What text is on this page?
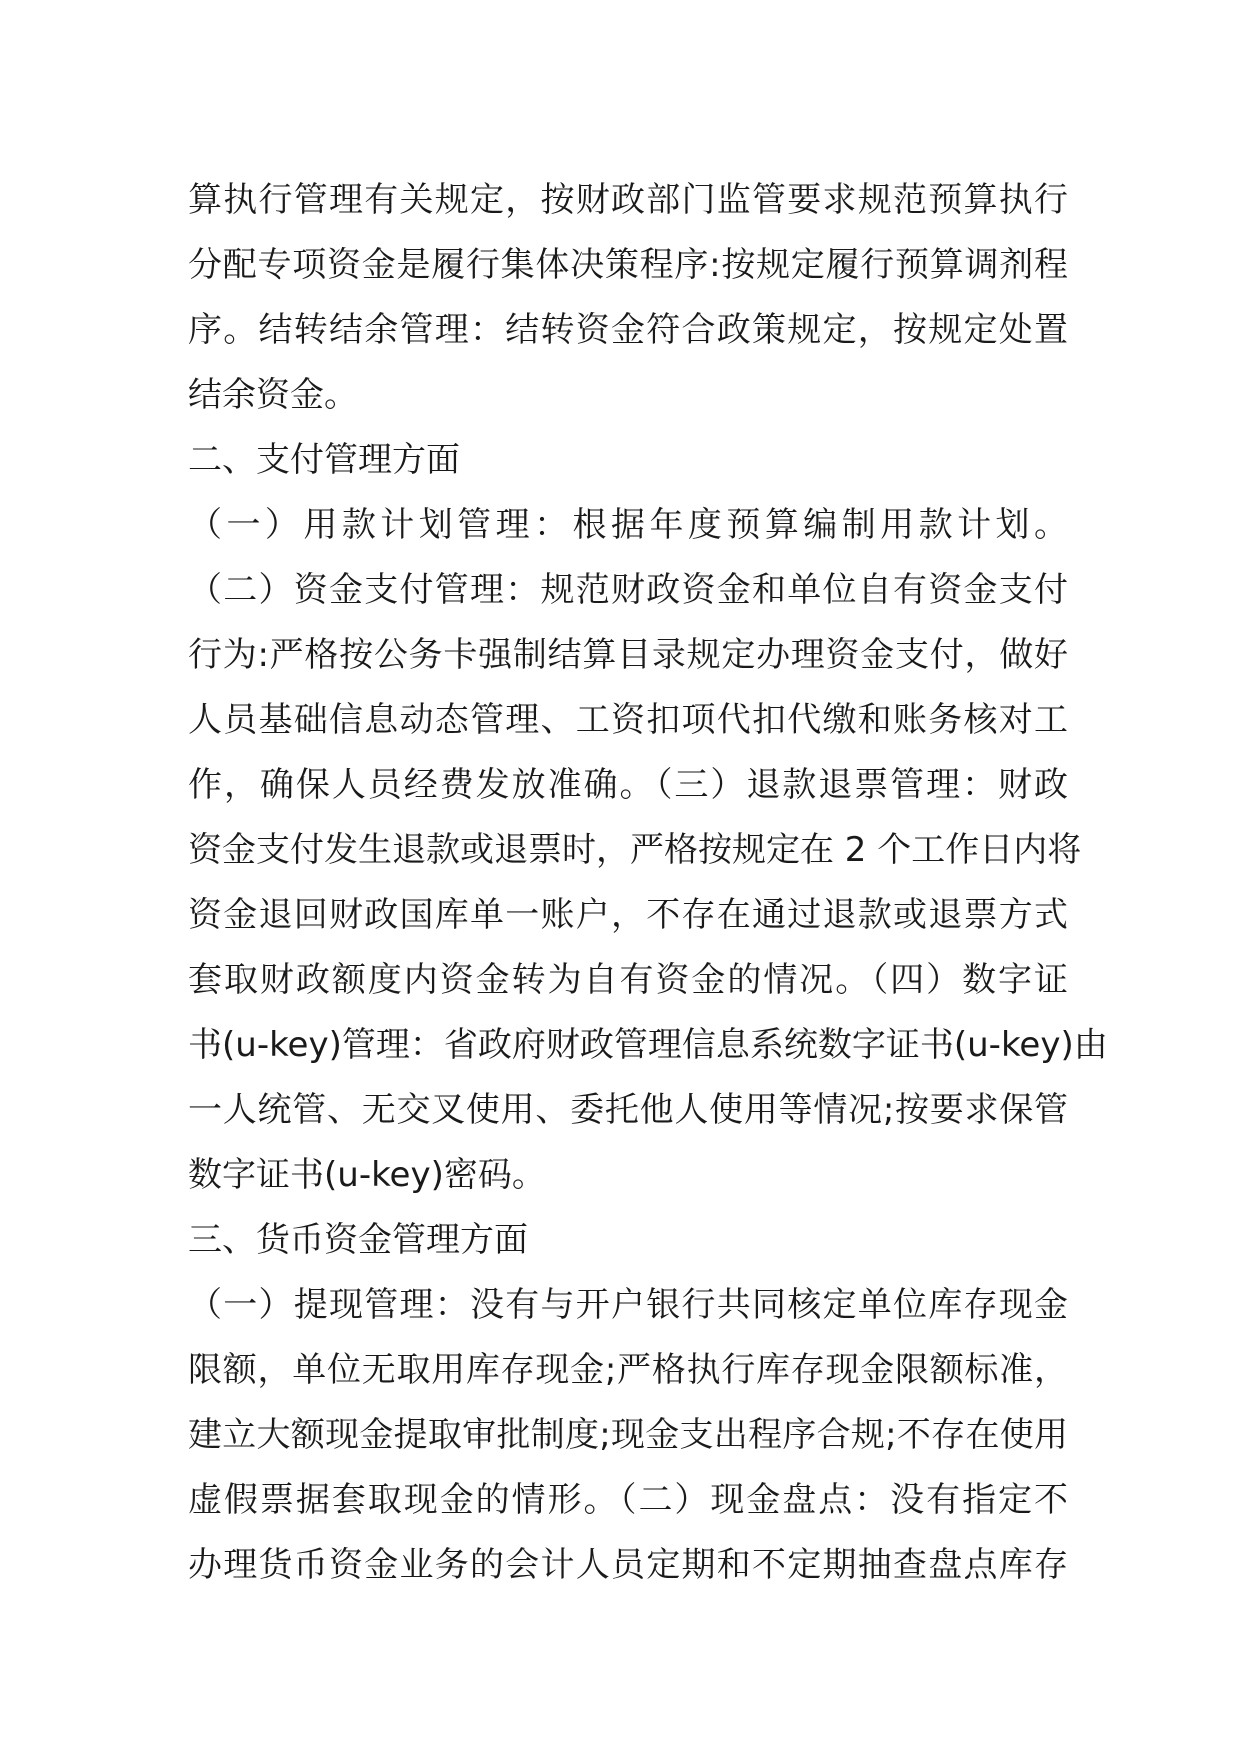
算执行管理有关规定，按财政部门监管要求规范预算执行
分配专项资金是履行集体决策程序:按规定履行预算调剂程
序。结转结余管理：结转资金符合政策规定，按规定处置
结余资金。
二、支付管理方面
（一）用款计划管理：根据年度预算编制用款计划。
（二）资金支付管理：规范财政资金和单位自有资金支付
行为:严格按公务卡强制结算目录规定办理资金支付，做好
人员基础信息动态管理、工资扣项代扣代缴和账务核对工
作，确保人员经费发放准确。（三）退款退票管理：财政
资金支付发生退款或退票时，严格按规定在 2 个工作日内将
资金退回财政国库单一账户，不存在通过退款或退票方式
套取财政额度内资金转为自有资金的情况。（四）数字证
书(u-key)管理：省政府财政管理信息系统数字证书(u-key)由
一人统管、无交叉使用、委托他人使用等情况;按要求保管
数字证书(u-key)密码。
三、货币资金管理方面
（一）提现管理：没有与开户银行共同核定单位库存现金
限额，单位无取用库存现金;严格执行库存现金限额标准，
建立大额现金提取审批制度;现金支出程序合规;不存在使用
虚假票据套取现金的情形。（二）现金盘点：没有指定不
办理货币资金业务的会计人员定期和不定期抽查盘点库存
